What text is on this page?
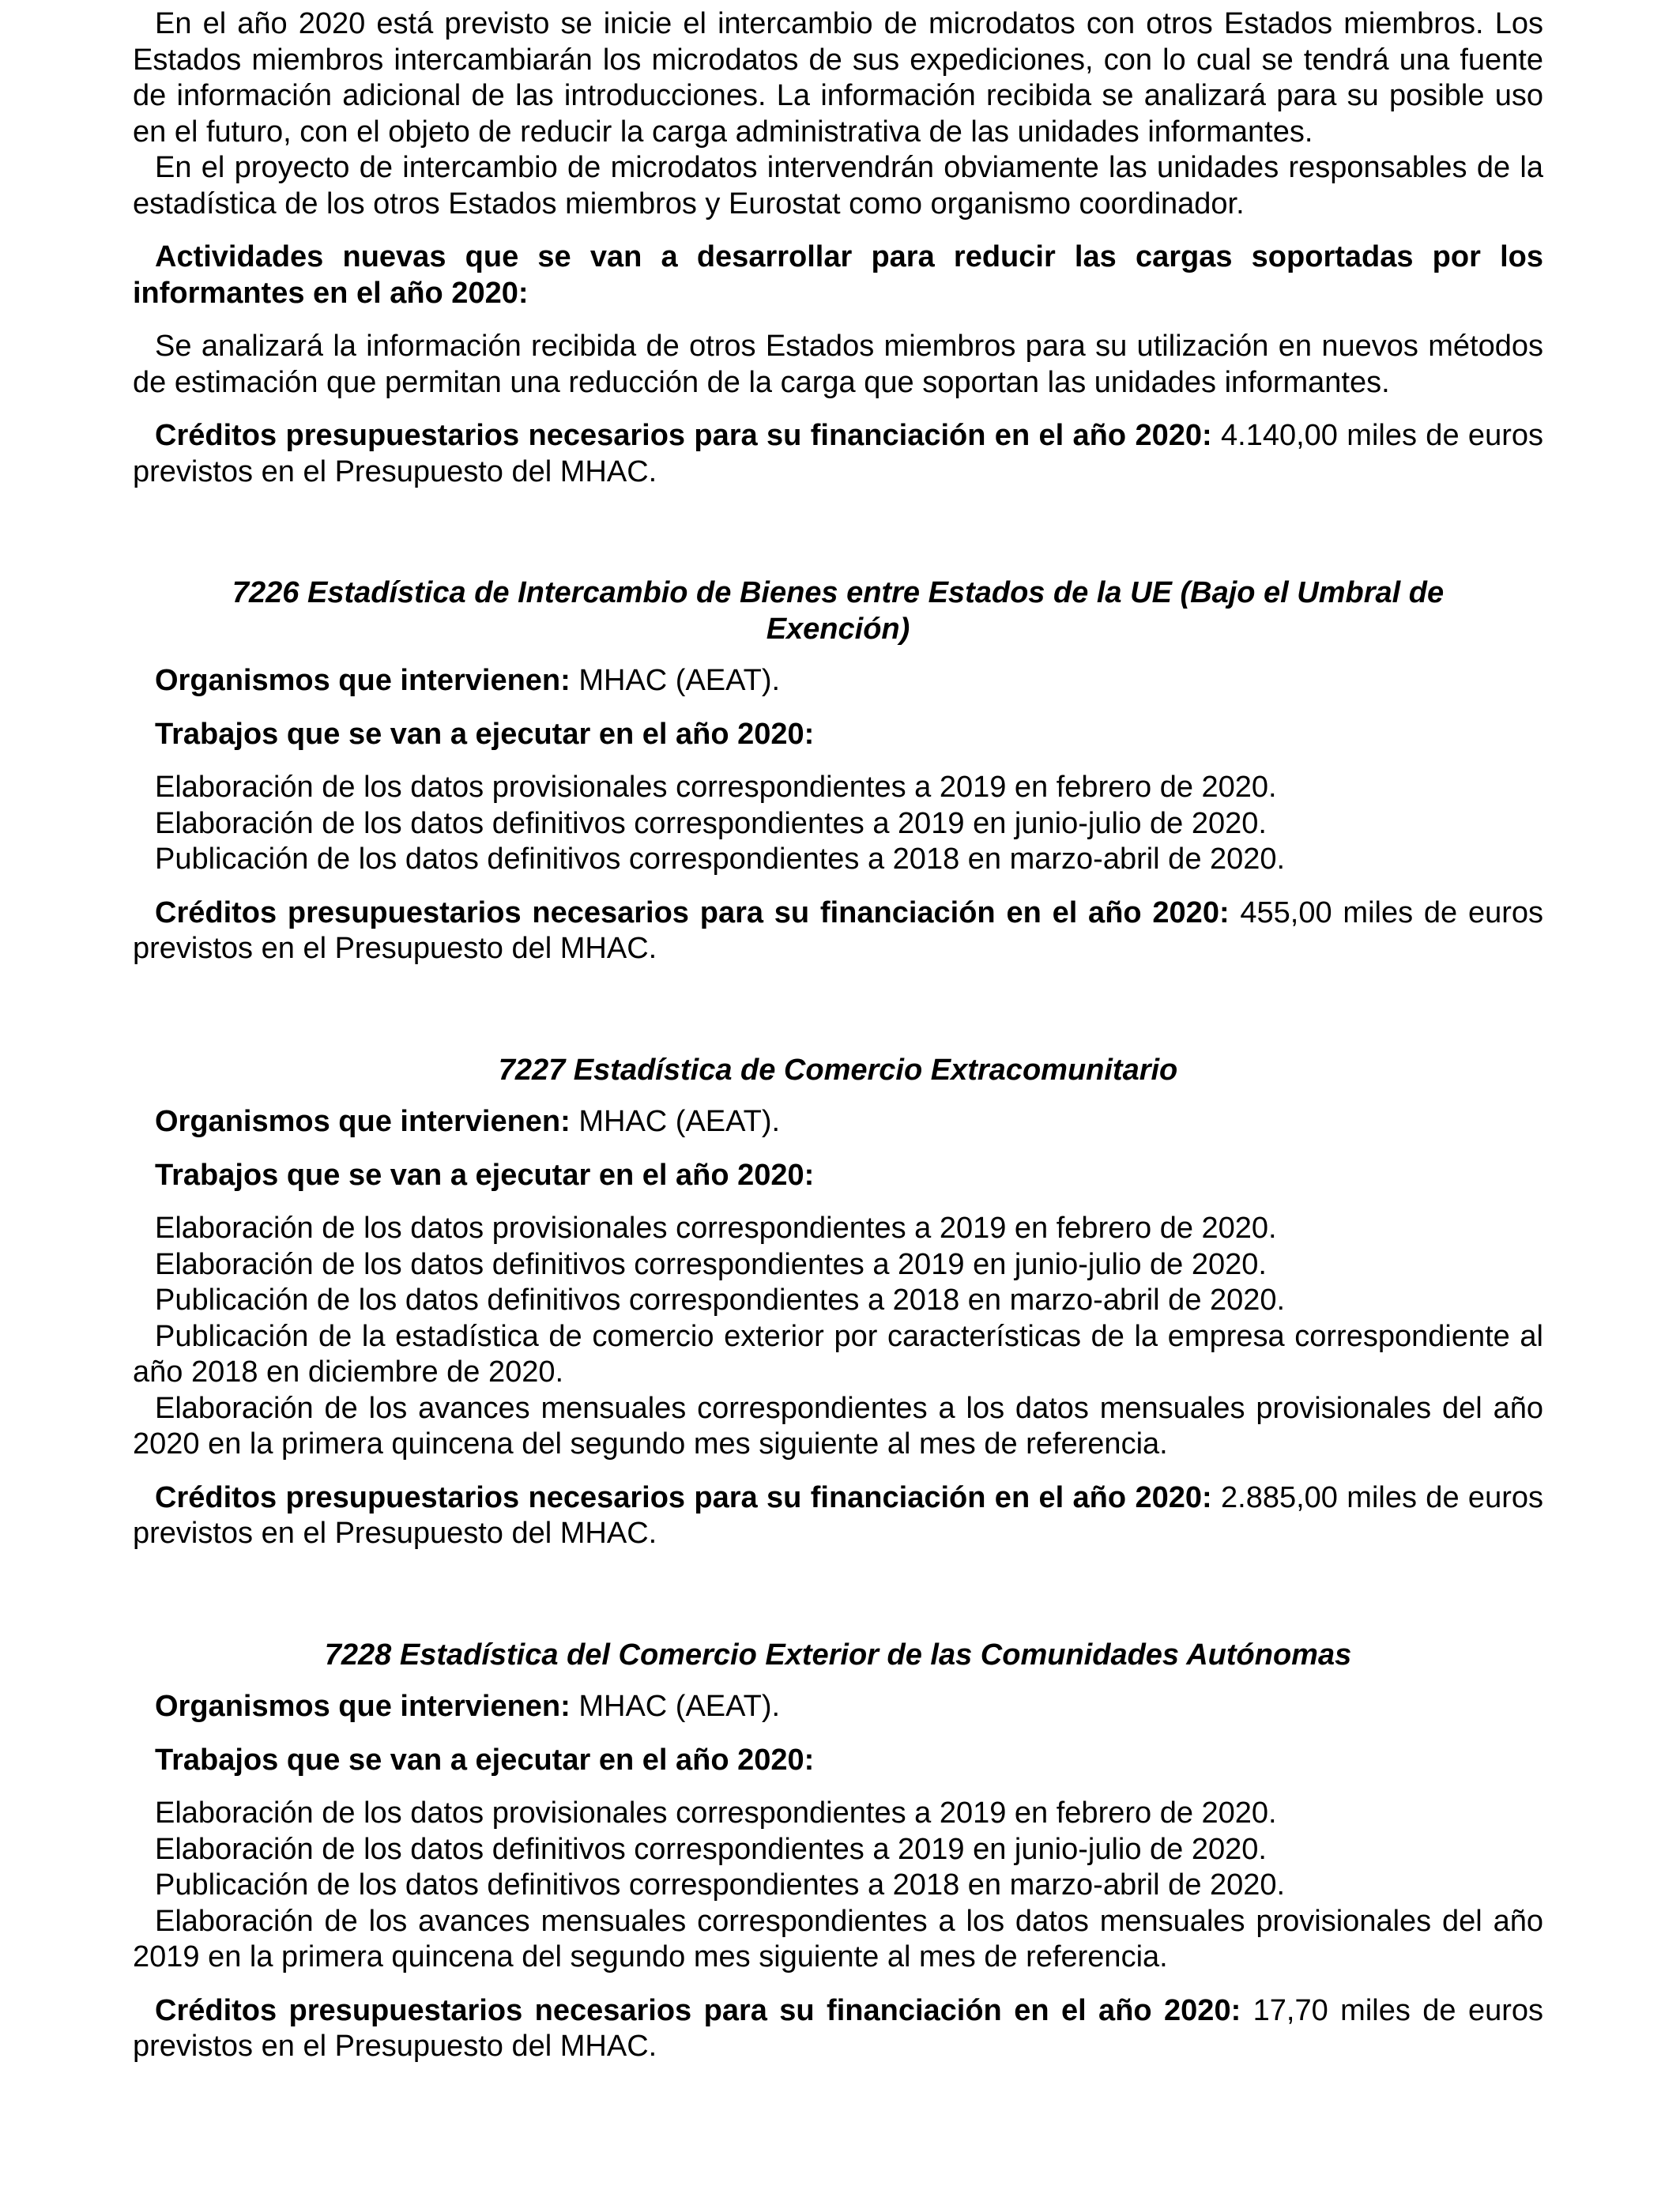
En el año 2020 está previsto se inicie el intercambio de microdatos con otros Estados miembros. Los Estados miembros intercambiarán los microdatos de sus expediciones, con lo cual se tendrá una fuente de información adicional de las introducciones. La información recibida se analizará para su posible uso en el futuro, con el objeto de reducir la carga administrativa de las unidades informantes.

En el proyecto de intercambio de microdatos intervendrán obviamente las unidades responsables de la estadística de los otros Estados miembros y Eurostat como organismo coordinador.

Actividades nuevas que se van a desarrollar para reducir las cargas soportadas por los informantes en el año 2020:

Se analizará la información recibida de otros Estados miembros para su utilización en nuevos métodos de estimación que permitan una reducción de la carga que soportan las unidades informantes.

Créditos presupuestarios necesarios para su financiación en el año 2020: 4.140,00 miles de euros previstos en el Presupuesto del MHAC.

7226 Estadística de Intercambio de Bienes entre Estados de la UE (Bajo el Umbral de Exención)

Organismos que intervienen: MHAC (AEAT).

Trabajos que se van a ejecutar en el año 2020:

Elaboración de los datos provisionales correspondientes a 2019 en febrero de 2020.

Elaboración de los datos definitivos correspondientes a 2019 en junio-julio de 2020.

Publicación de los datos definitivos correspondientes a 2018 en marzo-abril de 2020.

Créditos presupuestarios necesarios para su financiación en el año 2020: 455,00 miles de euros previstos en el Presupuesto del MHAC.

7227 Estadística de Comercio Extracomunitario

Organismos que intervienen: MHAC (AEAT).

Trabajos que se van a ejecutar en el año 2020:

Elaboración de los datos provisionales correspondientes a 2019 en febrero de 2020.

Elaboración de los datos definitivos correspondientes a 2019 en junio-julio de 2020.

Publicación de los datos definitivos correspondientes a 2018 en marzo-abril de 2020.

Publicación de la estadística de comercio exterior por características de la empresa correspondiente al año 2018 en diciembre de 2020.

Elaboración de los avances mensuales correspondientes a los datos mensuales provisionales del año 2020 en la primera quincena del segundo mes siguiente al mes de referencia.

Créditos presupuestarios necesarios para su financiación en el año 2020: 2.885,00 miles de euros previstos en el Presupuesto del MHAC.

7228 Estadística del Comercio Exterior de las Comunidades Autónomas

Organismos que intervienen: MHAC (AEAT).

Trabajos que se van a ejecutar en el año 2020:

Elaboración de los datos provisionales correspondientes a 2019 en febrero de 2020.

Elaboración de los datos definitivos correspondientes a 2019 en junio-julio de 2020.

Publicación de los datos definitivos correspondientes a 2018 en marzo-abril de 2020.

Elaboración de los avances mensuales correspondientes a los datos mensuales provisionales del año 2019 en la primera quincena del segundo mes siguiente al mes de referencia.

Créditos presupuestarios necesarios para su financiación en el año 2020: 17,70 miles de euros previstos en el Presupuesto del MHAC.
